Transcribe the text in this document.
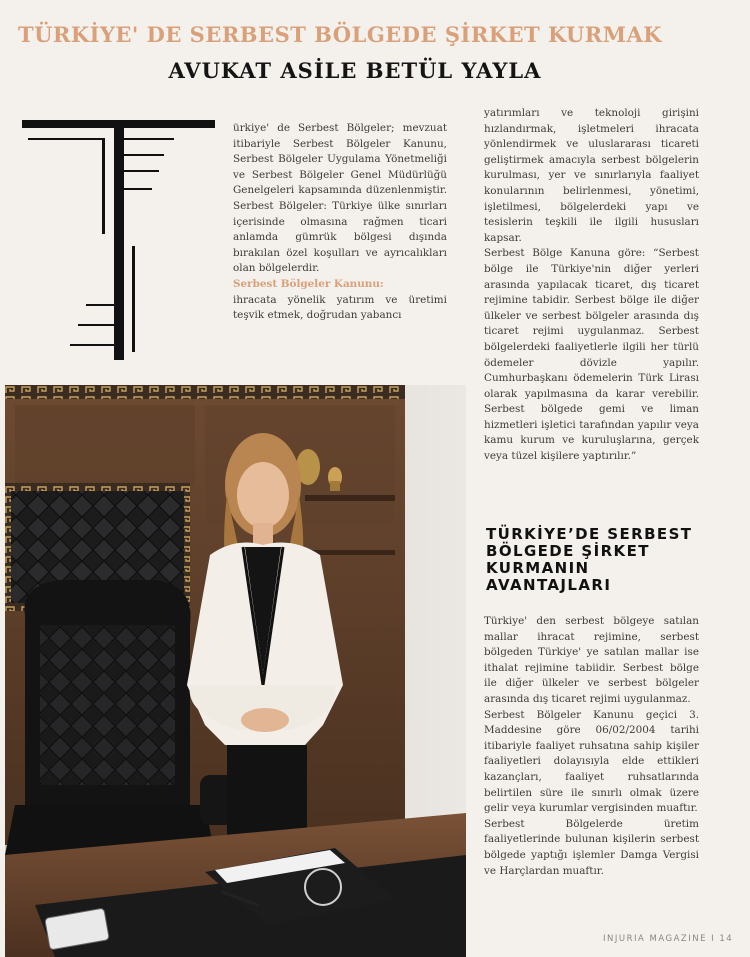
TÜRKİYE' DE SERBEST BÖLGEDE ŞİRKET KURMAK
AVUKAT ASİLE BETÜL YAYLA

ürkiye' de Serbest Bölgeler; mevzuat itibariyle Serbest Bölgeler Kanunu, Serbest Bölgeler Uygulama Yönetmeliği ve Serbest Bölgeler Genel Müdürlüğü Genelgeleri kapsamında düzenlenmiştir. Serbest Bölgeler: Türkiye ülke sınırları içerisinde olmasına rağmen ticari anlamda gümrük bölgesi dışında bırakılan özel koşulları ve ayrıcalıkları olan bölgelerdir.

Serbest Bölgeler Kanunu:

ihracata yönelik yatırım ve üretimi teşvik etmek, doğrudan yabancı

yatırımları ve teknoloji girişini hızlandırmak, işletmeleri ihracata yönlendirmek ve uluslararası ticareti geliştirmek amacıyla serbest bölgelerin kurulması, yer ve sınırlarıyla faaliyet konularının belirlenmesi, yönetimi, işletilmesi, bölgelerdeki yapı ve tesislerin teşkili ile ilgili hususları kapsar.

Serbest Bölge Kanuna göre: “Serbest bölge ile Türkiye'nin diğer yerleri arasında yapılacak ticaret, dış ticaret rejimine tabidir. Serbest bölge ile diğer ülkeler ve serbest bölgeler arasında dış ticaret rejimi uygulanmaz. Serbest bölgelerdeki faaliyetlerle ilgili her türlü ödemeler dövizle yapılır. Cumhurbaşkanı ödemelerin Türk Lirası olarak yapılmasına da karar verebilir. Serbest bölgede gemi ve liman hizmetleri işletici tarafından yapılır veya kamu kurum ve kuruluşlarına, gerçek veya tüzel kişilere yaptırılır.”

TÜRKİYE’DE SERBEST BÖLGEDE ŞİRKET KURMANIN AVANTAJLARI

Türkiye' den serbest bölgeye satılan mallar ihracat rejimine, serbest bölgeden Türkiye' ye satılan mallar ise ithalat rejimine tabiidir. Serbest bölge ile diğer ülkeler ve serbest bölgeler arasında dış ticaret rejimi uygulanmaz.

Serbest Bölgeler Kanunu geçici 3. Maddesine göre 06/02/2004 tarihi itibariyle faaliyet ruhsatına sahip kişiler faaliyetleri dolayısıyla elde ettikleri kazançları, faaliyet ruhsatlarında belirtilen süre ile sınırlı olmak üzere gelir veya kurumlar vergisinden muaftır.

Serbest Bölgelerde üretim faaliyetlerinde bulunan kişilerin serbest bölgede yaptığı işlemler Damga Vergisi ve Harçlardan muaftır.

INJURIA MAGAZINE I 14
